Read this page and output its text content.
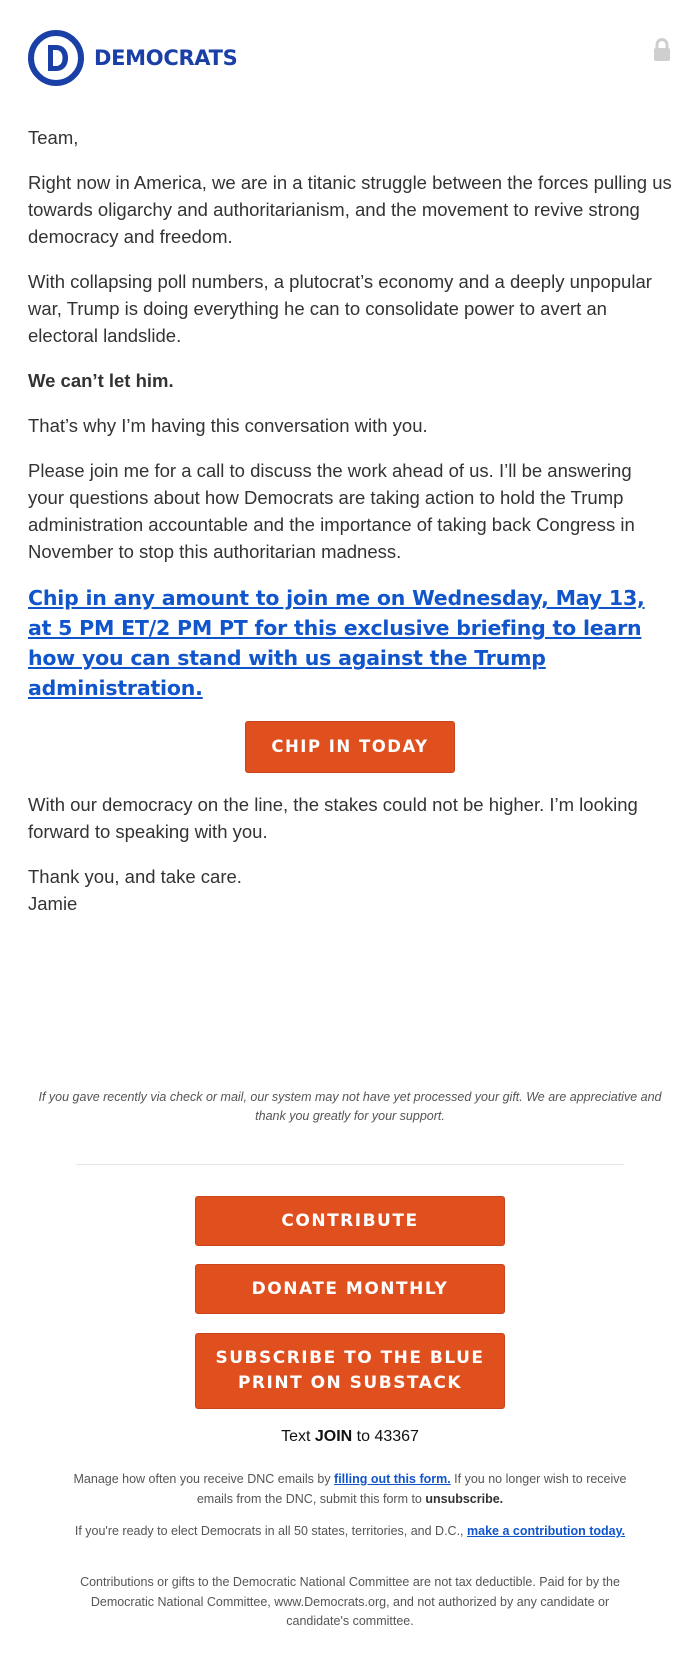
DEMOCRATS

Team,

Right now in America, we are in a titanic struggle between the forces pulling us towards oligarchy and authoritarianism, and the movement to revive strong democracy and freedom.

With collapsing poll numbers, a plutocrat’s economy and a deeply unpopular war, Trump is doing everything he can to consolidate power to avert an electoral landslide.

We can’t let him.

That’s why I’m having this conversation with you.

Please join me for a call to discuss the work ahead of us. I’ll be answering your questions about how Democrats are taking action to hold the Trump administration accountable and the importance of taking back Congress in November to stop this authoritarian madness.

Chip in any amount to join me on Wednesday, May 13, at 5 PM ET/2 PM PT for this exclusive briefing to learn how you can stand with us against the Trump administration.
CHIP IN TODAY

With our democracy on the line, the stakes could not be higher. I’m looking forward to speaking with you.

Thank you, and take care.

Jamie

If you gave recently via check or mail, our system may not have yet processed your gift. We are appreciative and thank you greatly for your support.
CONTRIBUTE
DONATE MONTHLY
SUBSCRIBE TO THE BLUE PRINT ON SUBSTACK
Text JOIN to 43367
Manage how often you receive DNC emails by filling out this form. If you no longer wish to receive emails from the DNC, submit this form to unsubscribe.
If you're ready to elect Democrats in all 50 states, territories, and D.C., make a contribution today.
Contributions or gifts to the Democratic National Committee are not tax deductible. Paid for by the Democratic National Committee, www.Democrats.org, and not authorized by any candidate or candidate's committee.
